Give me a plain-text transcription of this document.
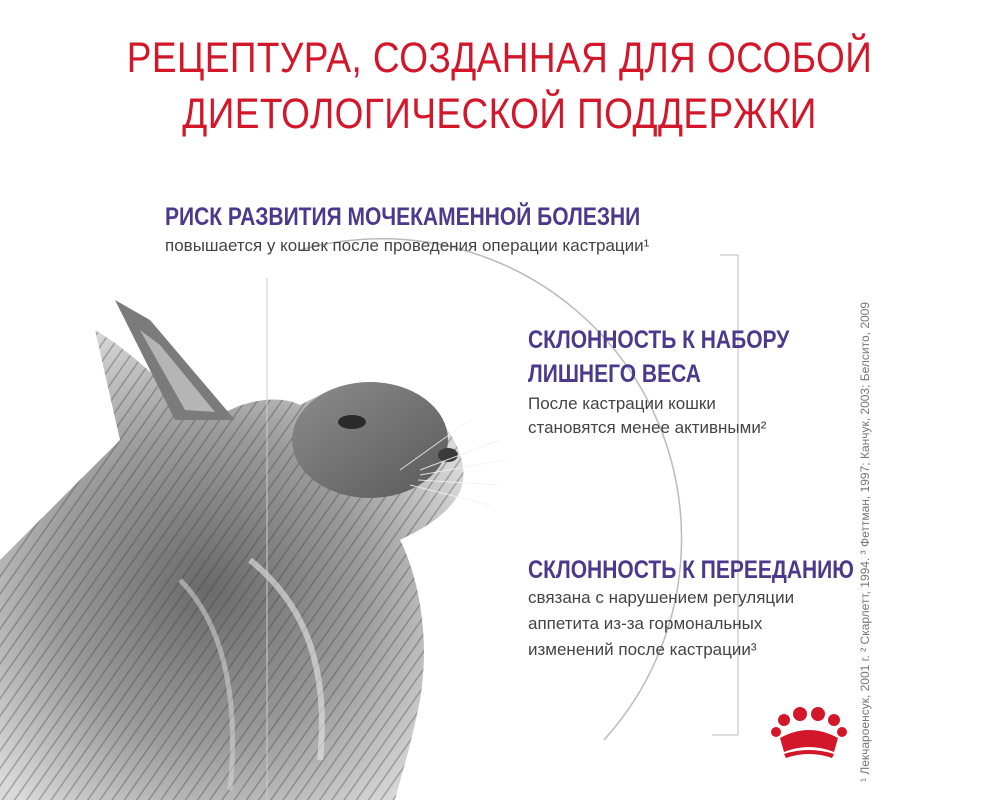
РЕЦЕПТУРА, СОЗДАННАЯ ДЛЯ ОСОБОЙ
ДИЕТОЛОГИЧЕСКОЙ ПОДДЕРЖКИ
РИСК РАЗВИТИЯ МОЧЕКАМЕННОЙ БОЛЕЗНИ
повышается у кошек после проведения операции кастрации¹
СКЛОННОСТЬ К НАБОРУ
ЛИШНЕГО ВЕСА
После кастрации кошки
становятся менее активными²
СКЛОННОСТЬ К ПЕРЕЕДАНИЮ
связана с нарушением регуляции
аппетита из-за гормональных
изменений после кастрации³	¹ Лекчароенсук, 2001 г. ² Скарлетт, 1994. ³ Феттман, 1997; Канчук, 2003; Белсито, 2009
